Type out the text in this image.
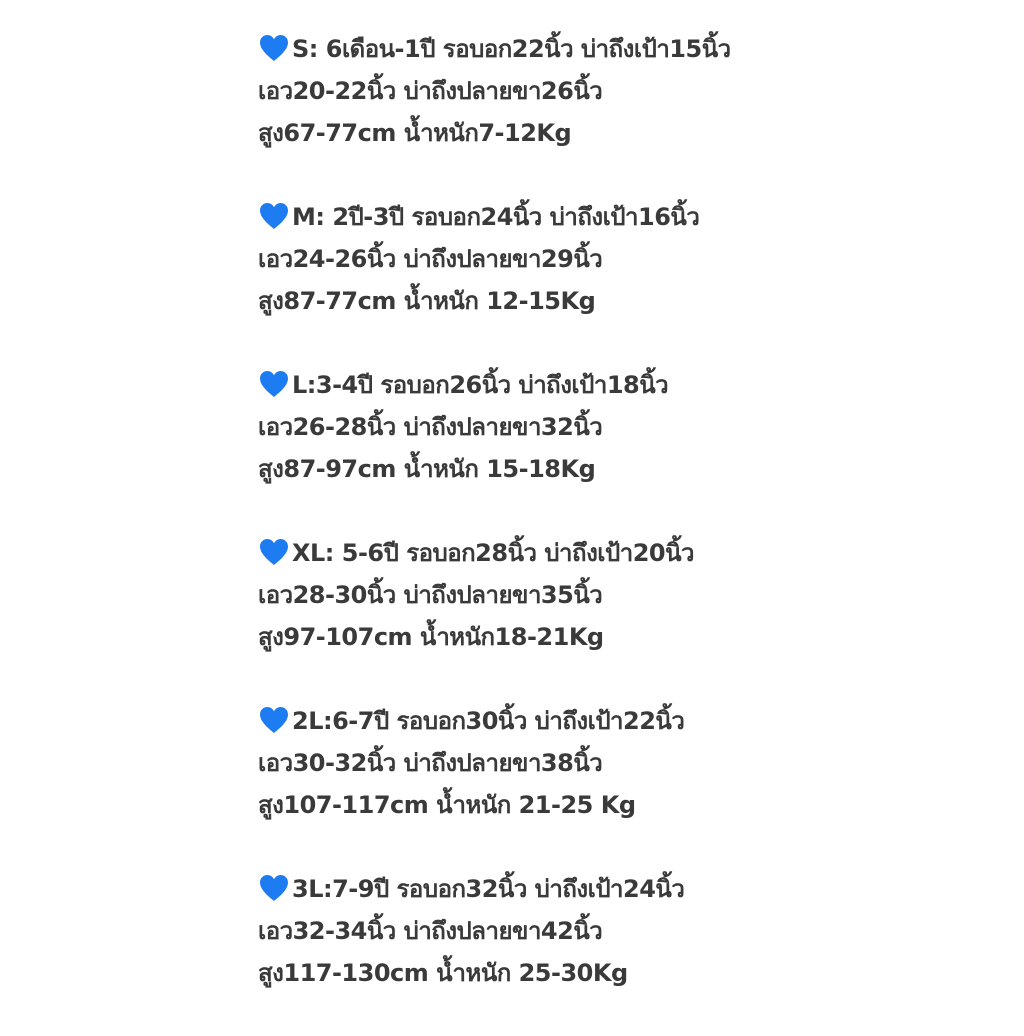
S: 6เดือน-1ปี รอบอก22นิ้ว บ่าถึงเป้า15นิ้ว
เอว20-22นิ้ว บ่าถึงปลายขา26นิ้ว
สูง67-77cm น้ำหนัก7-12Kg
M: 2ปี-3ปี รอบอก24นิ้ว บ่าถึงเป้า16นิ้ว
เอว24-26นิ้ว บ่าถึงปลายขา29นิ้ว
สูง87-77cm น้ำหนัก 12-15Kg
L:3-4ปี รอบอก26นิ้ว บ่าถึงเป้า18นิ้ว
เอว26-28นิ้ว บ่าถึงปลายขา32นิ้ว
สูง87-97cm น้ำหนัก 15-18Kg
XL: 5-6ปี รอบอก28นิ้ว บ่าถึงเป้า20นิ้ว
เอว28-30นิ้ว บ่าถึงปลายขา35นิ้ว
สูง97-107cm น้ำหนัก18-21Kg
2L:6-7ปี รอบอก30นิ้ว บ่าถึงเป้า22นิ้ว
เอว30-32นิ้ว บ่าถึงปลายขา38นิ้ว
สูง107-117cm น้ำหนัก 21-25 Kg
3L:7-9ปี รอบอก32นิ้ว บ่าถึงเป้า24นิ้ว
เอว32-34นิ้ว บ่าถึงปลายขา42นิ้ว
สูง117-130cm น้ำหนัก 25-30Kg
